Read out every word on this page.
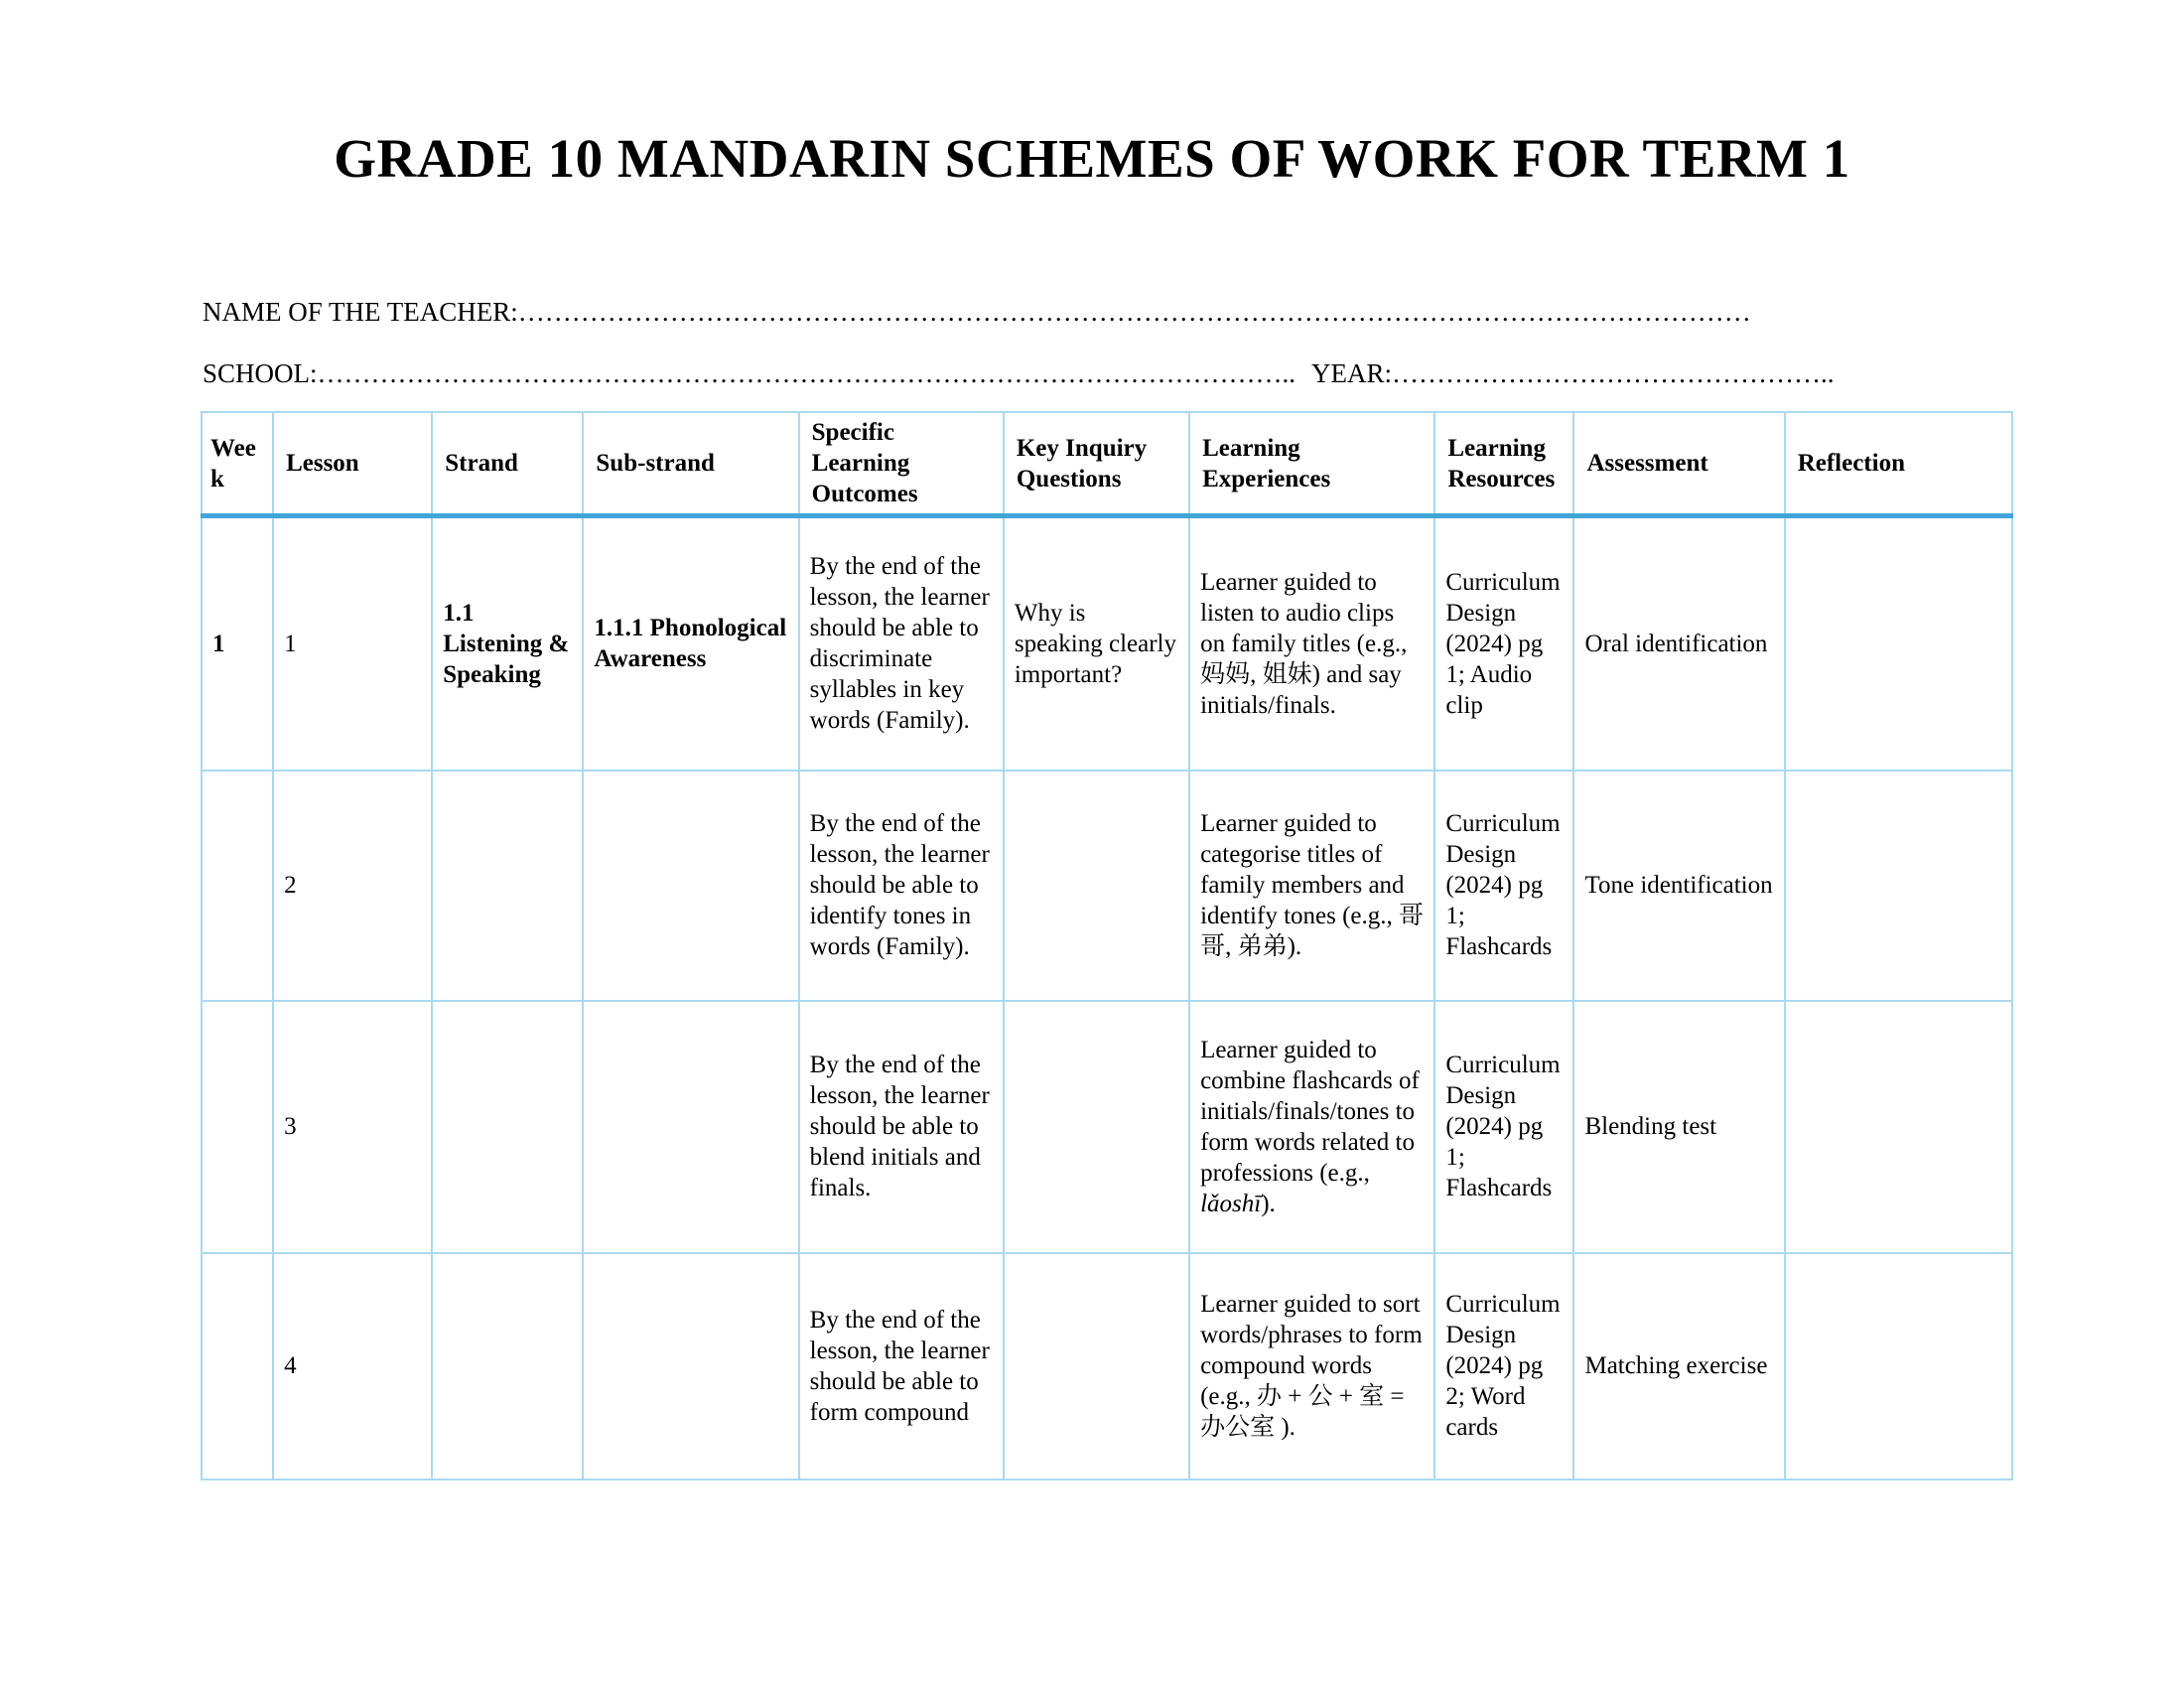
GRADE 10 MANDARIN SCHEMES OF WORK FOR TERM 1
NAME OF THE TEACHER:…………………………………………………………………………………………………………………………
SCHOOL:……………………………………………………………………………………………….. YEAR:…………………………………………..
Week	Lesson	Strand	Sub-strand	Specific Learning Outcomes	Key Inquiry Questions	Learning Experiences	Learning Resources	Assessment	Reflection
1	1	1.1 Listening & Speaking	1.1.1 Phonological Awareness	By the end of the lesson, the learner should be able to discriminate syllables in key words (Family).	Why is speaking clearly important?	Learner guided to listen to audio clips on family titles (e.g., 妈妈, 姐妹) and say initials/finals.	Curriculum Design (2024) pg 1; Audio clip	Oral identification	
	2			By the end of the lesson, the learner should be able to identify tones in words (Family).		Learner guided to categorise titles of family members and identify tones (e.g., 哥哥, 弟弟).	Curriculum Design (2024) pg 1; Flashcards	Tone identification	
	3			By the end of the lesson, the learner should be able to blend initials and finals.		Learner guided to combine flashcards of initials/finals/tones to form words related to professions (e.g., lǎoshī).	Curriculum Design (2024) pg 1; Flashcards	Blending test	
	4			By the end of the lesson, the learner should be able to form compound		Learner guided to sort words/phrases to form compound words (e.g., 办 + 公 + 室 = 办公室 ).	Curriculum Design (2024) pg 2; Word cards	Matching exercise	
